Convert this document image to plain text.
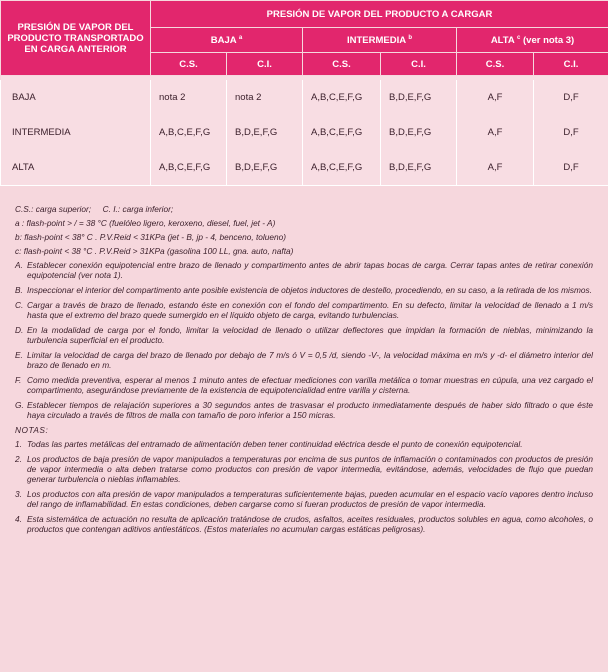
PRESIÓN DE VAPOR DEL PRODUCTO TRANSPORTADO EN CARGA ANTERIOR	PRESIÓN DE VAPOR DEL PRODUCTO A CARGAR					
	BAJA $^a$		INTERMEDIA $^b$		ALTA $^c$ (ver nota 3)	
	C.S.	C.I.	C.S.	C.I.	C.S.	C.I.

BAJA	nota 2	nota 2	A,B,C,E,F,G	B,D,E,F,G	A,F	D,F
INTERMEDIA	A,B,C,E,F,G	B,D,E,F,G	A,B,C,E,F,G	B,D,E,F,G	A,F	D,F
ALTA	A,B,C,E,F,G	B,D,E,F,G	A,B,C,E,F,G	B,D,E,F,G	A,F	D,F

C.S.: carga superior; C. I.: carga inferior;

a : flash-point > / = 38 °C (fuelóleo ligero, keroxeno, diesel, fuel, jet - A)

b: flash-point < 38° C . P.V.Reid < 31KPa (jet - B, jp - 4, benceno, tolueno)

c: flash-point < 38 °C . P.V.Reid > 31KPa (gasolina 100 LL, gna. auto, nafta)

A. Establecer conexión equipotencial entre brazo de llenado y compartimento antes de abrir tapas bocas de carga. Cerrar tapas antes de retirar conexión equipotencial (ver nota 1).

B. Inspeccionar el interior del compartimento ante posible existencia de objetos inductores de destello, procediendo, en su caso, a la retirada de los mismos.

C. Cargar a través de brazo de llenado, estando éste en conexión con el fondo del compartimento. En su defecto, limitar la velocidad de llenado a 1 m/s hasta que el extremo del brazo quede sumergido en el líquido objeto de carga, evitando turbulencias.

D. En la modalidad de carga por el fondo, limitar la velocidad de llenado o utilizar deflectores que impidan la formación de nieblas, minimizando la turbulencia superficial en el producto.

E. Limitar la velocidad de carga del brazo de llenado por debajo de 7 m/s ó V = 0,5 /d, siendo -V-, la velocidad máxima en m/s y -d- el diámetro interior del brazo de llenado en m.

F. Como medida preventiva, esperar al menos 1 minuto antes de efectuar mediciones con varilla metálica o tomar muestras en cúpula, una vez cargado el compartimento, asegurándose previamente de la existencia de equipotencialidad entre varilla y cisterna.

G. Establecer tiempos de relajación superiores a 30 segundos antes de trasvasar el producto inmediatamente después de haber sido filtrado o que éste haya circulado a través de filtros de malla con tamaño de poro inferior a 150 micras.

NOTAS:

1. Todas las partes metálicas del entramado de alimentación deben tener continuidad eléctrica desde el punto de conexión equipotencial.

2. Los productos de baja presión de vapor manipulados a temperaturas por encima de sus puntos de inflamación o contaminados con productos de presión de vapor intermedia o alta deben tratarse como productos con presión de vapor intermedia, evitándose, además, velocidades de flujo que puedan generar turbulencia o nieblas inflamables.

3. Los productos con alta presión de vapor manipulados a temperaturas suficientemente bajas, pueden acumular en el espacio vacío vapores dentro incluso del rango de inflamabilidad. En estas condiciones, deben cargarse como si fueran productos de presión de vapor intermedia.

4. Esta sistemática de actuación no resulta de aplicación tratándose de crudos, asfaltos, aceites residuales, productos solubles en agua, como alcoholes, o productos que contengan aditivos antiestáticos. (Estos materiales no acumulan cargas estáticas peligrosas).
